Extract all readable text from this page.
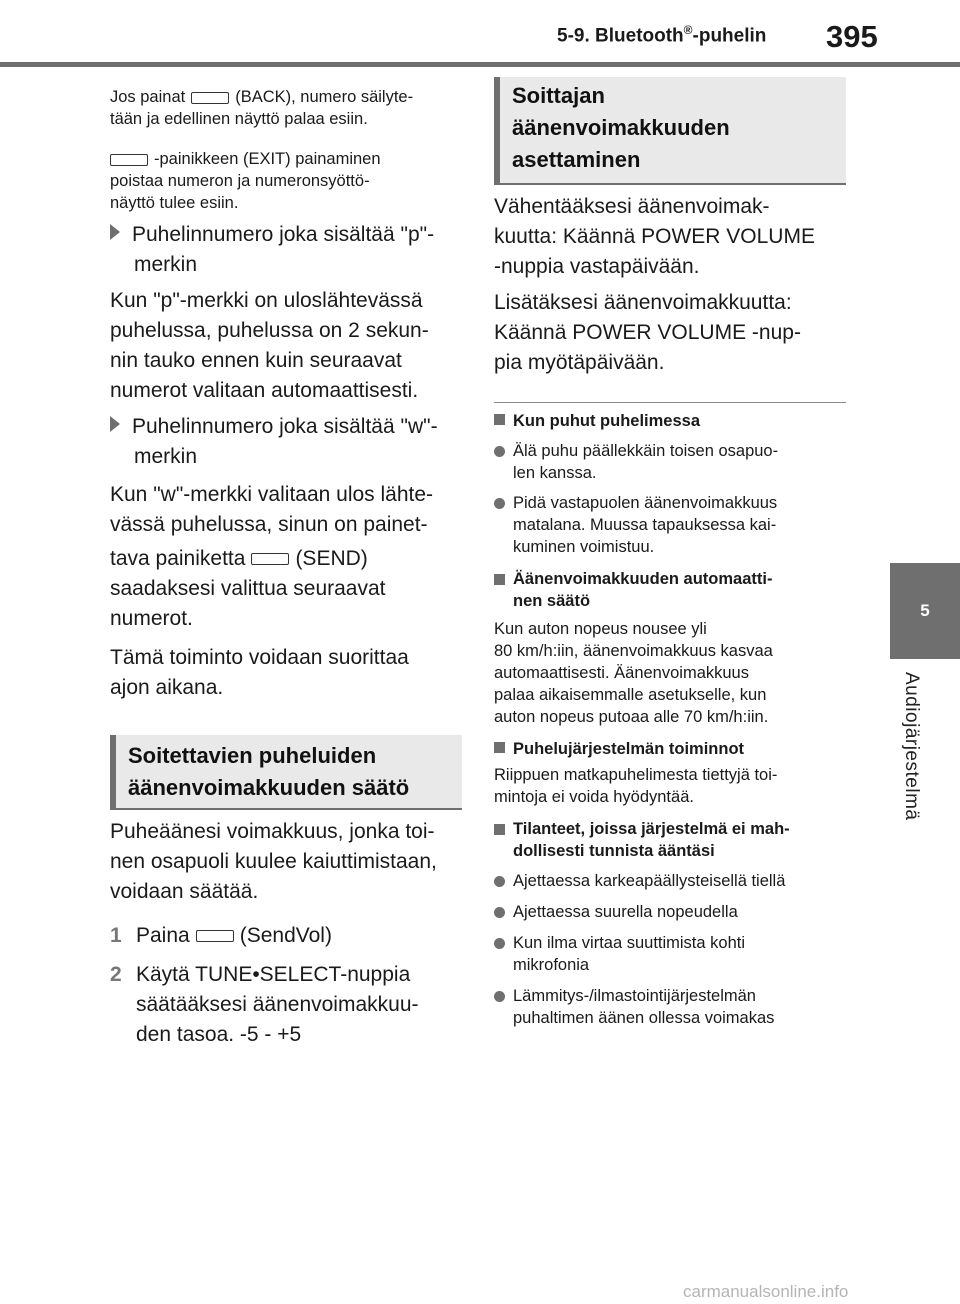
5-9. Bluetooth®-puhelin 395
5
Audiojärjestelmä
Jos painat	(BACK), numero säilyte-
tään ja edellinen näyttö palaa esiin.
-painikkeen (EXIT) painaminen
poistaa numeron ja numeronsyöttö-
näyttö tulee esiin.
Puhelinnumero joka sisältää "p"-
merkin
Kun "p"-merkki on uloslähtevässä
puhelussa, puhelussa on 2 sekun-
nin tauko ennen kuin seuraavat
numerot valitaan automaattisesti.
Puhelinnumero joka sisältää "w"-
merkin
Kun "w"-merkki valitaan ulos lähte-
vässä puhelussa, sinun on painet-
tava painiketta (SEND)
saadaksesi valittua seuraavat
numerot.
Tämä toiminto voidaan suorittaa
ajon aikana.
Soitettavien puheluiden
äänenvoimakkuuden säätö
Puheäänesi voimakkuus, jonka toi-
nen osapuoli kuulee kaiuttimistaan,
voidaan säätää.
1 Paina (SendVol)
2 Käytä TUNE•SELECT-nuppia
säätääksesi äänenvoimakkuu-
den tasoa. -5 - +5
Soittajan
äänenvoimakkuuden
asettaminen
Vähentääksesi äänenvoimak-
kuutta: Käännä POWER VOLUME
-nuppia vastapäivään.
Lisätäksesi äänenvoimakkuutta:
Käännä POWER VOLUME -nup-
pia myötäpäivään.
Kun puhut puhelimessa
Älä puhu päällekkäin toisen osapuo-
len kanssa.
Pidä vastapuolen äänenvoimakkuus
matalana. Muussa tapauksessa kai-
kuminen voimistuu.
Äänenvoimakkuuden automaatti-
nen säätö
Kun auton nopeus nousee yli
80 km/h:iin, äänenvoimakkuus kasvaa
automaattisesti. Äänenvoimakkuus
palaa aikaisemmalle asetukselle, kun
auton nopeus putoaa alle 70 km/h:iin.
Puhelujärjestelmän toiminnot
Riippuen matkapuhelimesta tiettyjä toi-
mintoja ei voida hyödyntää.
Tilanteet, joissa järjestelmä ei mah-
dollisesti tunnista ääntäsi
Ajettaessa karkeapäällysteisellä tiellä
Ajettaessa suurella nopeudella
Kun ilma virtaa suuttimista kohti
mikrofonia
Lämmitys-/ilmastointijärjestelmän
puhaltimen äänen ollessa voimakas
carmanualsonline.info
